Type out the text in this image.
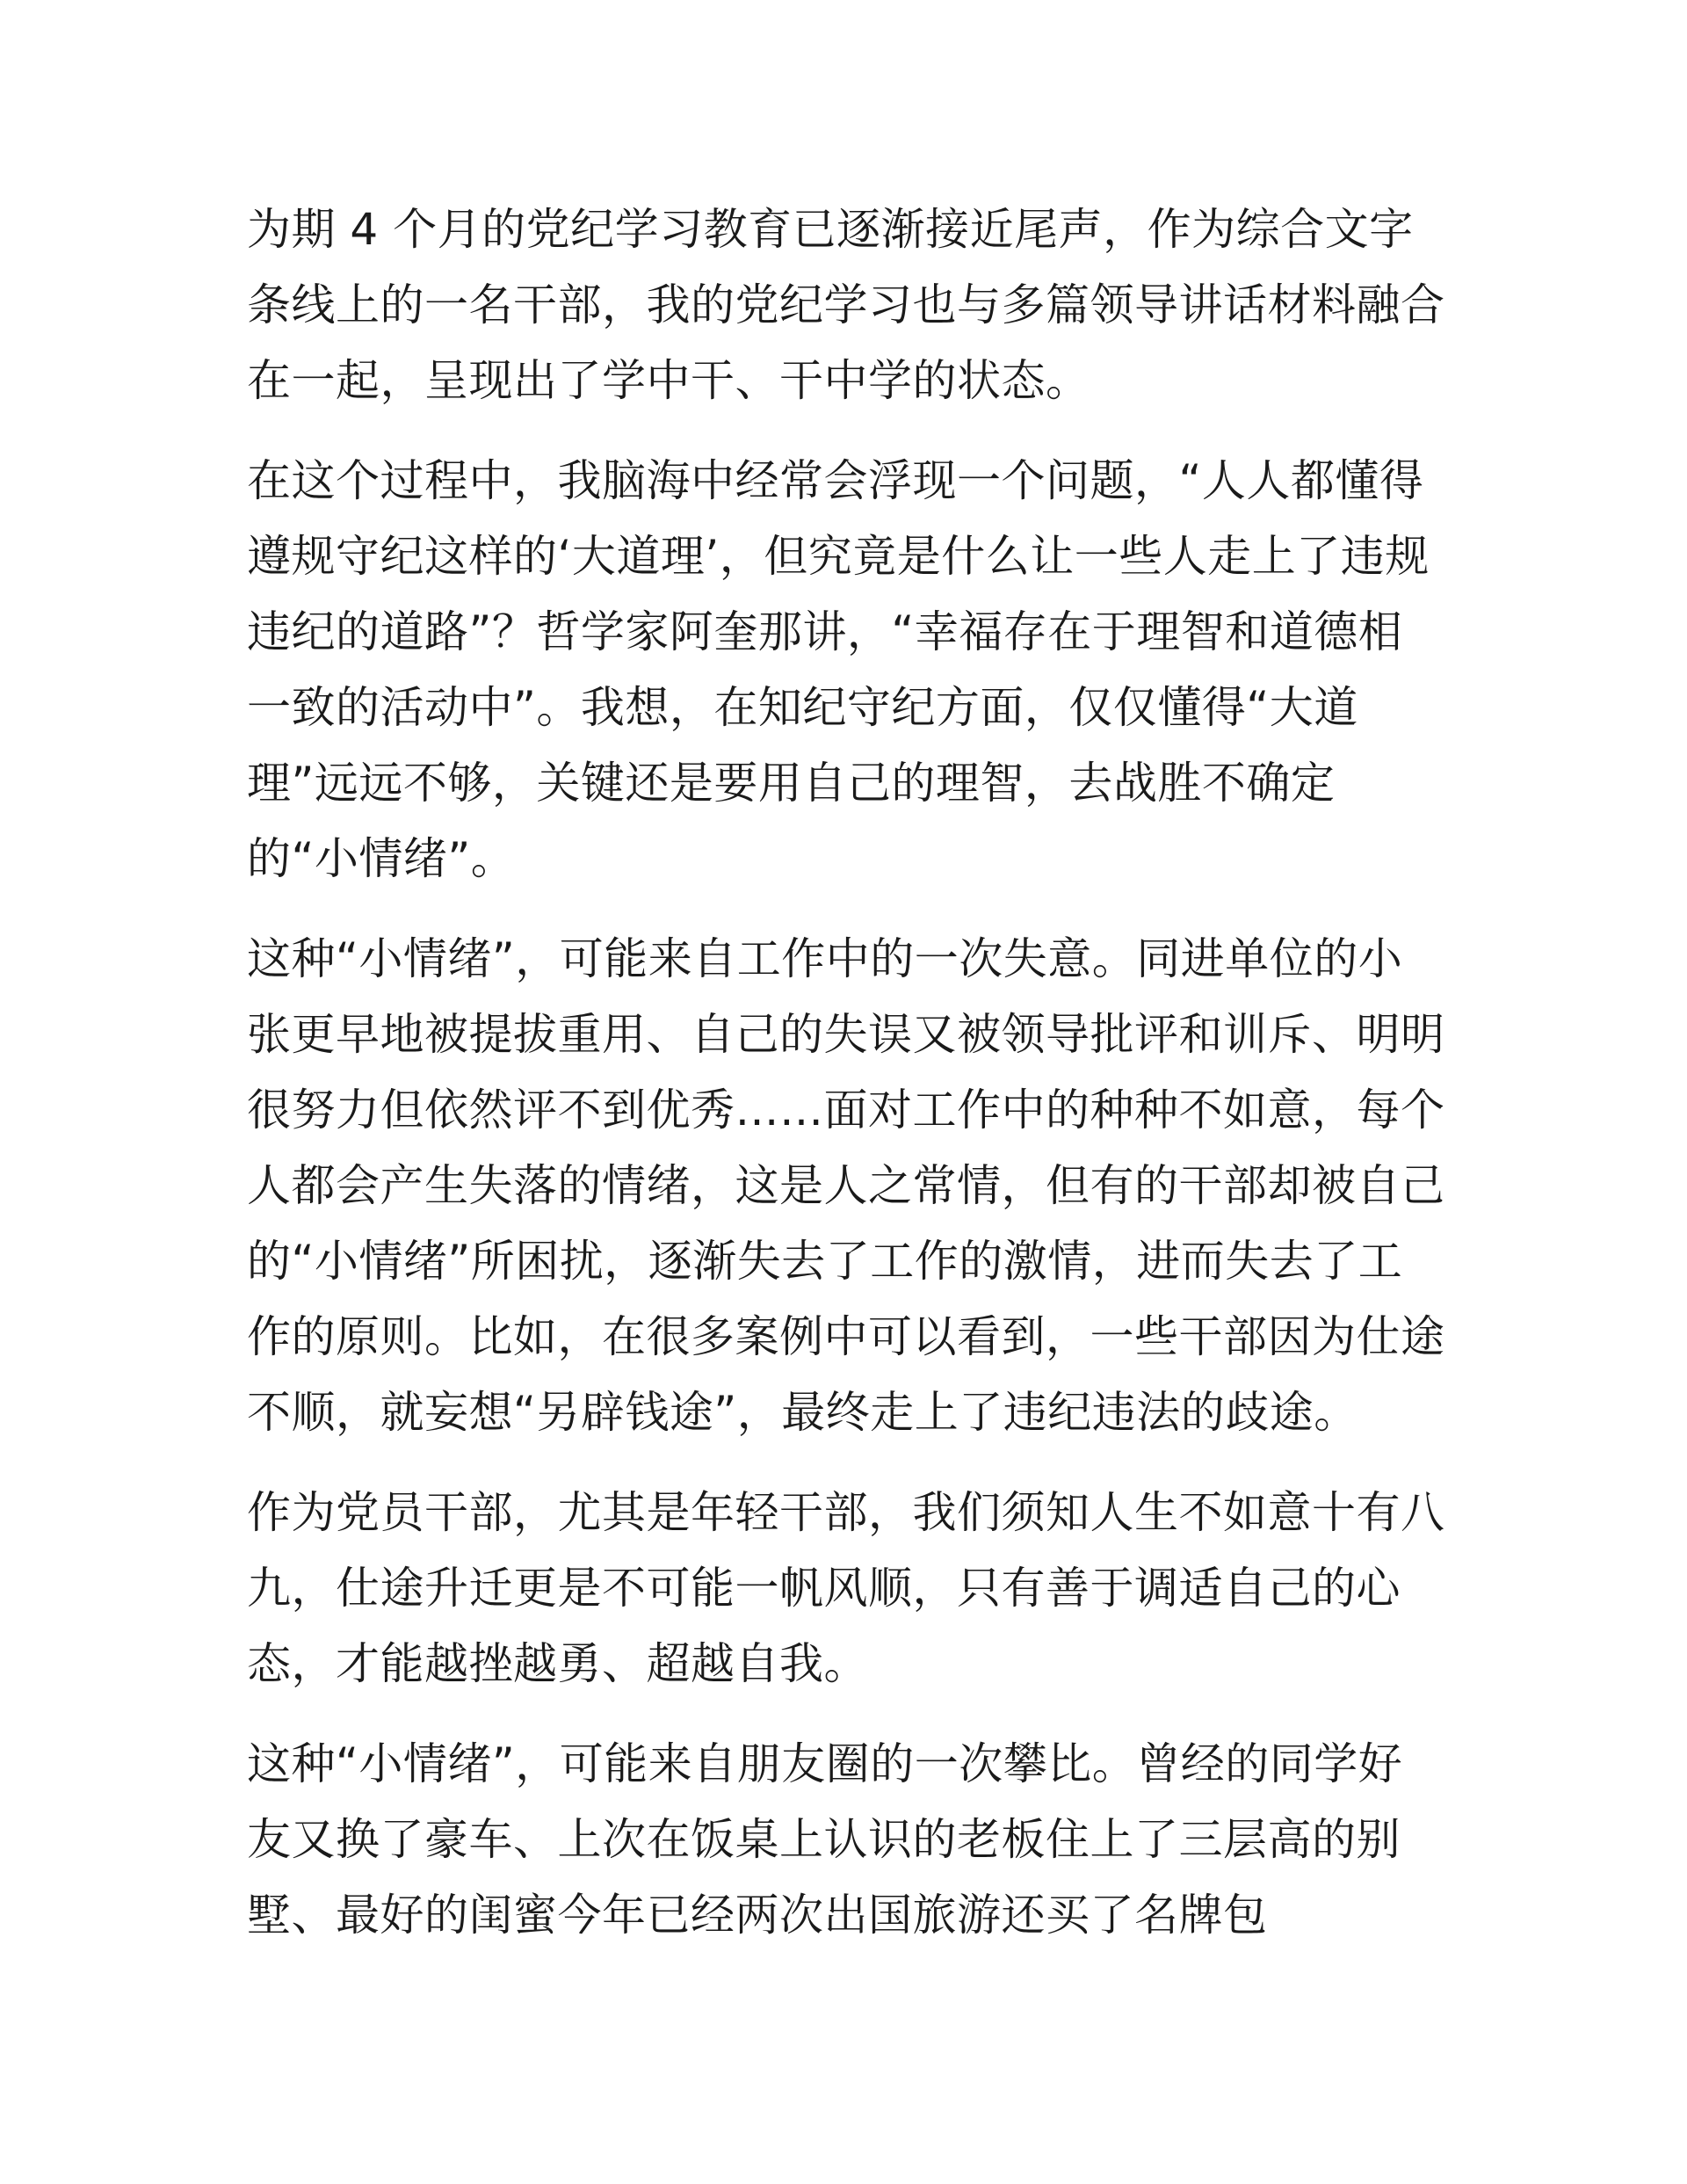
为期 4 个月的党纪学习教育已逐渐接近尾声，作为综合文字
条线上的一名干部，我的党纪学习也与多篇领导讲话材料融合
在一起，呈现出了学中干、干中学的状态。

在这个过程中，我脑海中经常会浮现一个问题，“人人都懂得
遵规守纪这样的‘大道理’，但究竟是什么让一些人走上了违规
违纪的道路”？哲学家阿奎那讲，“幸福存在于理智和道德相
一致的活动中”。我想，在知纪守纪方面，仅仅懂得“大道
理”远远不够，关键还是要用自己的理智，去战胜不确定
的“小情绪”。

这种“小情绪”，可能来自工作中的一次失意。同进单位的小
张更早地被提拔重用、自己的失误又被领导批评和训斥、明明
很努力但依然评不到优秀……面对工作中的种种不如意，每个
人都会产生失落的情绪，这是人之常情，但有的干部却被自己
的“小情绪”所困扰，逐渐失去了工作的激情，进而失去了工
作的原则。比如，在很多案例中可以看到，一些干部因为仕途
不顺，就妄想“另辟钱途”，最终走上了违纪违法的歧途。

作为党员干部，尤其是年轻干部，我们须知人生不如意十有八
九，仕途升迁更是不可能一帆风顺，只有善于调适自己的心
态，才能越挫越勇、超越自我。

这种“小情绪”，可能来自朋友圈的一次攀比。曾经的同学好
友又换了豪车、上次在饭桌上认识的老板住上了三层高的别
墅、最好的闺蜜今年已经两次出国旅游还买了名牌包
